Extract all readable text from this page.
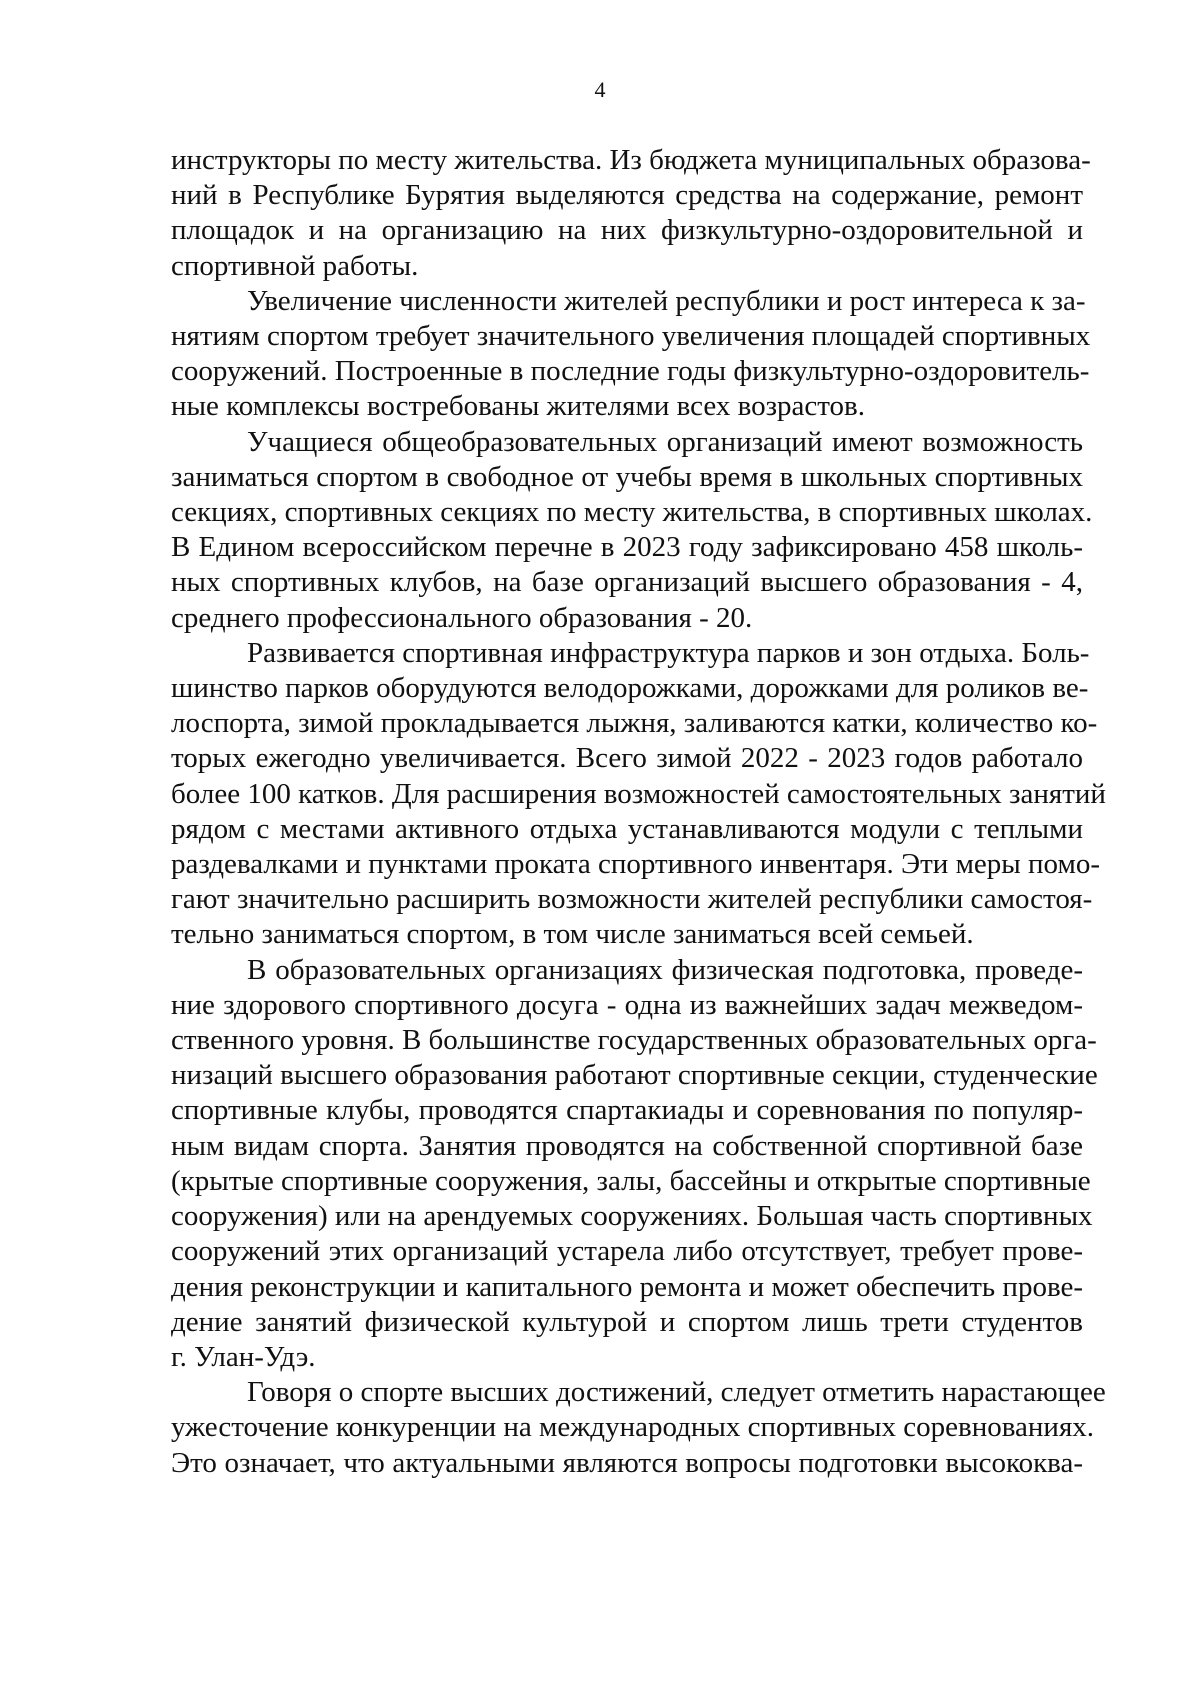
4

инструкторы по месту жительства. Из бюджета муниципальных образова-
ний в Республике Бурятия выделяются средства на содержание, ремонт
площадок и на организацию на них физкультурно-оздоровительной и
спортивной работы.

Увеличение численности жителей республики и рост интереса к за-
нятиям спортом требует значительного увеличения площадей спортивных
сооружений. Построенные в последние годы физкультурно-оздоровитель-
ные комплексы востребованы жителями всех возрастов.

Учащиеся общеобразовательных организаций имеют возможность
заниматься спортом в свободное от учебы время в школьных спортивных
секциях, спортивных секциях по месту жительства, в спортивных школах.
В Едином всероссийском перечне в 2023 году зафиксировано 458 школь-
ных спортивных клубов, на базе организаций высшего образования - 4,
среднего профессионального образования - 20.

Развивается спортивная инфраструктура парков и зон отдыха. Боль-
шинство парков оборудуются велодорожками, дорожками для роликов ве-
лоспорта, зимой прокладывается лыжня, заливаются катки, количество ко-
торых ежегодно увеличивается. Всего зимой 2022 - 2023 годов работало
более 100 катков. Для расширения возможностей самостоятельных занятий
рядом с местами активного отдыха устанавливаются модули с теплыми
раздевалками и пунктами проката спортивного инвентаря. Эти меры помо-
гают значительно расширить возможности жителей республики самостоя-
тельно заниматься спортом, в том числе заниматься всей семьей.

В образовательных организациях физическая подготовка, проведе-
ние здорового спортивного досуга - одна из важнейших задач межведом-
ственного уровня. В большинстве государственных образовательных орга-
низаций высшего образования работают спортивные секции, студенческие
спортивные клубы, проводятся спартакиады и соревнования по популяр-
ным видам спорта. Занятия проводятся на собственной спортивной базе
(крытые спортивные сооружения, залы, бассейны и открытые спортивные
сооружения) или на арендуемых сооружениях. Большая часть спортивных
сооружений этих организаций устарела либо отсутствует, требует прове-
дения реконструкции и капитального ремонта и может обеспечить прове-
дение занятий физической культурой и спортом лишь трети студентов
г. Улан-Удэ.

Говоря о спорте высших достижений, следует отметить нарастающее
ужесточение конкуренции на международных спортивных соревнованиях.
Это означает, что актуальными являются вопросы подготовки высококва-
